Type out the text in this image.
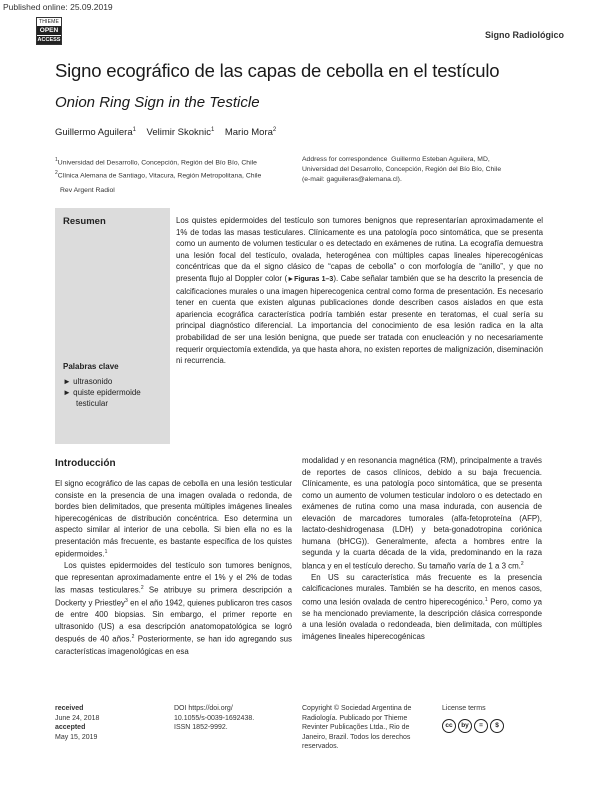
Published online: 25.09.2019
THIEME
OPEN
ACCESS	Signo Radiológico
Signo ecográfico de las capas de cebolla en el testículo
Onion Ring Sign in the Testicle
Guillermo Aguilera$^1$ Velimir Skoknic$^1$ Mario Mora$^2$
$^1$Universidad del Desarrollo, Concepción, Región del Bío Bío, Chile
$^2$Clínica Alemana de Santiago, Vitacura, Región Metropolitana, Chile
Address for correspondence Guillermo Esteban Aguilera, MD,
Universidad del Desarrollo, Concepción, Región del Bío Bío, Chile
(e-mail: gaguileras@alemana.cl).
Rev Argent Radiol
Resumen
Palabras clave
► ultrasonido
► quiste epidermoide
testicular
Los quistes epidermoides del testículo son tumores benignos que representarían aproximadamente el 1% de todas las masas testiculares. Clínicamente es una patología poco sintomática, que se presenta como un aumento de volumen testicular o es detectado en exámenes de rutina. La ecografía demuestra una lesión focal del testículo, ovalada, heterogénea con múltiples capas lineales hiperecogénicas concéntricas que da el signo clásico de “capas de cebolla” o con morfología de “anillo”, y que no presenta flujo al Doppler color (►Figuras 1–3). Cabe señalar también que se ha descrito la presencia de calcificaciones murales o una imagen hiperecogenica central como forma de presentación. Es necesario tener en cuenta que existen algunas publicaciones donde describen casos aislados en que esta apariencia ecográfica característica podría también estar presente en teratomas, el cual sería su principal diagnóstico diferencial. La importancia del conocimiento de esa lesión radica en la alta probabilidad de ser una lesión benigna, que puede ser tratada con enucleación y no necesariamente requerir orquiectomía extendida, ya que hasta ahora, no existen reportes de malignización, diseminación ni recurrencia.
Introducción

El signo ecográfico de las capas de cebolla en una lesión testicular consiste en la presencia de una imagen ovalada o redonda, de bordes bien delimitados, que presenta múltiples imágenes lineales hiperecogénicas de distribución concéntrica. Eso determina un aspecto similar al interior de una cebolla. Si bien ella no es la presentación más frecuente, es bastante específica de los quistes epidermoides.$^1$

Los quistes epidermoides del testículo son tumores benignos, que representan aproximadamente entre el 1% y el 2% de todas las masas testiculares.$^2$ Se atribuye su primera descripción a Dockerty y Priestley$^3$ en el año 1942, quienes publicaron tres casos de entre 400 biopsias. Sin embargo, el primer reporte en ultrasonido (US) a esa descripción anatomopatológica se logró después de 40 años.$^2$ Posteriormente, se han ido agregando sus características imagenológicas en esa

modalidad y en resonancia magnética (RM), principalmente a través de reportes de casos clínicos, debido a su baja frecuencia. Clínicamente, es una patología poco sintomática, que se presenta como un aumento de volumen testicular indoloro o es detectado en exámenes de rutina como una masa indurada, con ausencia de elevación de marcadores tumorales (alfa-fetoproteína (AFP), lactato-deshidrogenasa (LDH) y beta-gonadotropina coriónica humana (bHCG)). Generalmente, afecta a hombres entre la segunda y la cuarta década de la vida, predominando en la raza blanca y en el testículo derecho. Su tamaño varía de 1 a 3 cm.$^2$

En US su característica más frecuente es la presencia calcificaciones murales. También se ha descrito, en menos casos, como una lesión ovalada de centro hiperecogénico.$^1$ Pero, como ya se ha mencionado previamente, la descripción clásica corresponde a una lesión ovalada o redondeada, bien delimitada, con múltiples imágenes lineales hiperecogénicas

received
June 24, 2018
accepted
May 15, 2019
DOI https://doi.org/
10.1055/s-0039-1692438.
ISSN 1852-9992.
Copyright © Sociedad Argentina de
Radiología. Publicado por Thieme
Revinter Publicações Ltda., Rio de
Janeiro, Brazil. Todos los derechos
reservados.
License terms
cc	by	=	$
